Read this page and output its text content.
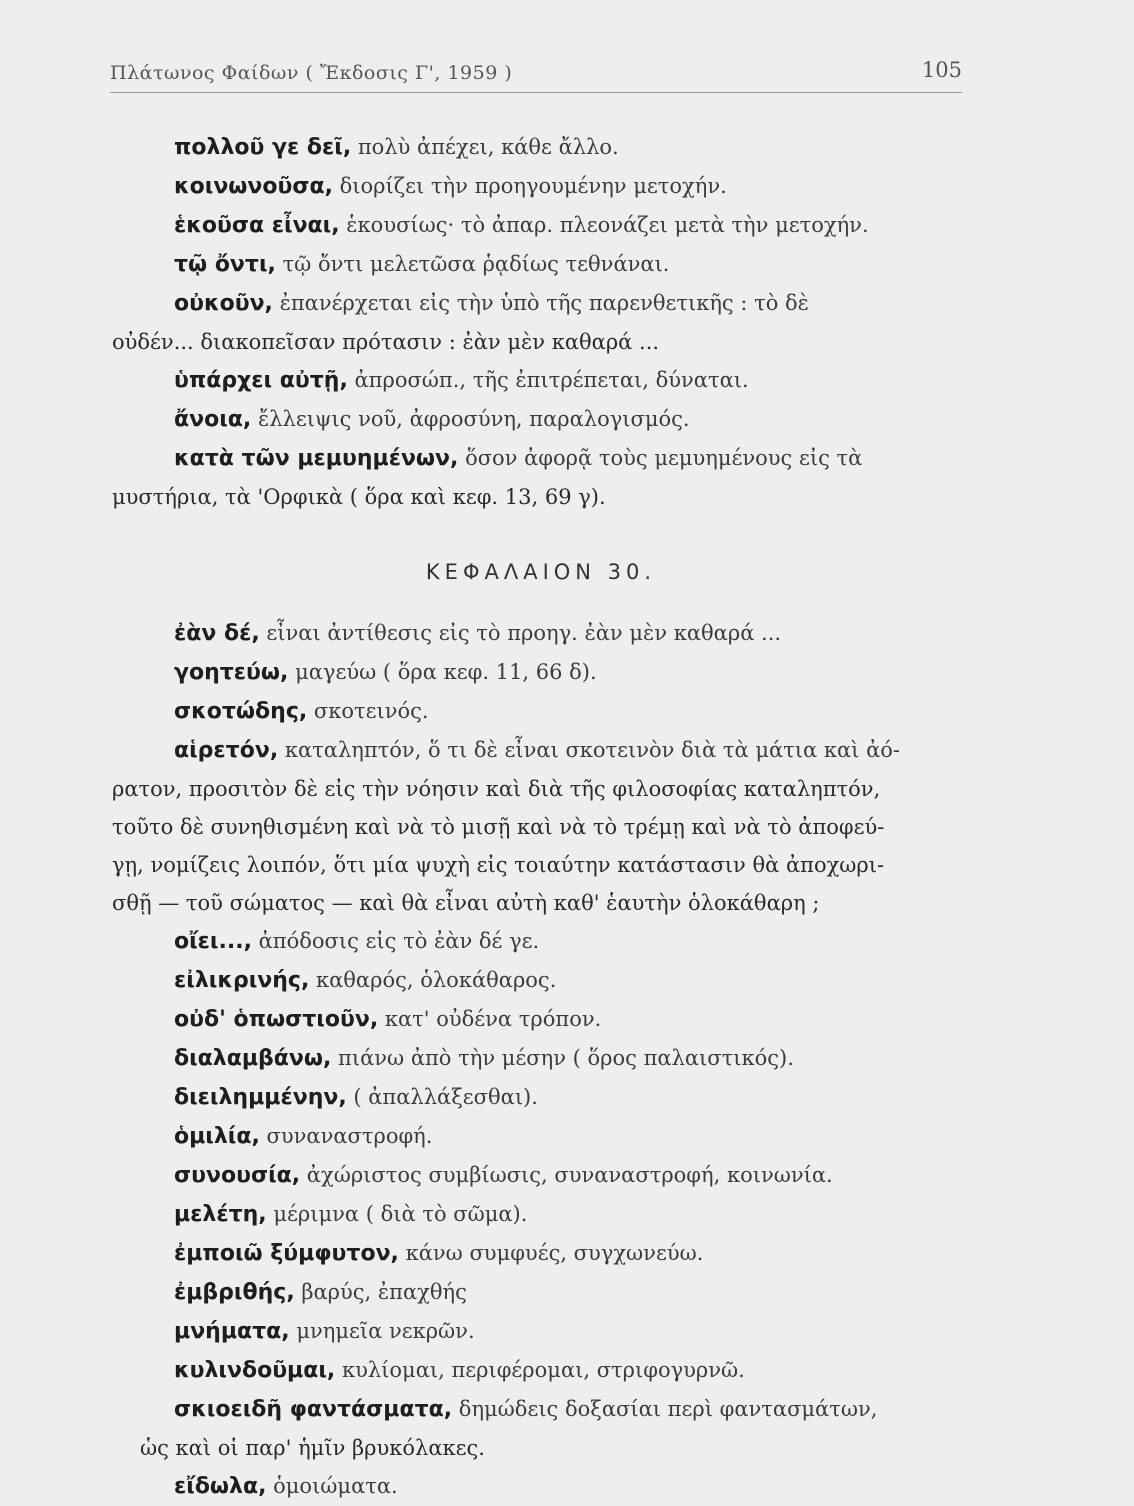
Πλάτωνος Φαίδων ( Ἔκδοσις Γ', 1959 )	105
πολλοῦ γε δεῖ, πολὺ ἀπέχει, κάθε ἄλλο.
κοινωνοῦσα, διορίζει τὴν προηγουμένην μετοχήν.
ἑκοῦσα εἶναι, ἑκουσίως· τὸ ἀπαρ. πλεονάζει μετὰ τὴν μετοχήν.
τῷ ὄντι, τῷ ὄντι μελετῶσα ῥᾳδίως τεθνάναι.
οὐκοῦν, ἐπανέρχεται εἰς τὴν ὑπὸ τῆς παρενθετικῆς : τὸ δὲ
οὐδέν... διακοπεῖσαν πρότασιν : ἐὰν μὲν καθαρά ...
ὑπάρχει αὐτῇ, ἀπροσώπ., τῆς ἐπιτρέπεται, δύναται.
ἄνοια, ἔλλειψις νοῦ, ἀφροσύνη, παραλογισμός.
κατὰ τῶν μεμυημένων, ὅσον ἀφορᾷ τοὺς μεμυημένους εἰς τὰ
μυστήρια, τὰ 'Ορφικὰ ( ὅρα καὶ κεφ. 13, 69 γ).
ΚΕΦΑΛΑΙΟΝ 30.
ἐὰν δέ, εἶναι ἀντίθεσις εἰς τὸ προηγ. ἐὰν μὲν καθαρά ...
γοητεύω, μαγεύω ( ὅρα κεφ. 11, 66 δ).
σκοτώδης, σκοτεινός.
αἱρετόν, καταληπτόν, ὅ τι δὲ εἶναι σκοτεινὸν διὰ τὰ μάτια καὶ ἀό-
ρατον, προσιτὸν δὲ εἰς τὴν νόησιν καὶ διὰ τῆς φιλοσοφίας καταληπτόν,
τοῦτο δὲ συνηθισμένη καὶ νὰ τὸ μισῇ καὶ νὰ τὸ τρέμῃ καὶ νὰ τὸ ἀποφεύ-
γῃ, νομίζεις λοιπόν, ὅτι μία ψυχὴ εἰς τοιαύτην κατάστασιν θὰ ἀποχωρι-
σθῇ — τοῦ σώματος — καὶ θὰ εἶναι αὐτὴ καθ' ἑαυτὴν ὁλοκάθαρη ;
οἴει..., ἀπόδοσις εἰς τὸ ἐὰν δέ γε.
εἰλικρινής, καθαρός, ὁλοκάθαρος.
οὐδ' ὁπωστιοῦν, κατ' οὐδένα τρόπον.
διαλαμβάνω, πιάνω ἀπὸ τὴν μέσην ( ὅρος παλαιστικός).
διειλημμένην, ( ἀπαλλάξεσθαι).
ὁμιλία, συναναστροφή.
συνουσία, ἀχώριστος συμβίωσις, συναναστροφή, κοινωνία.
μελέτη, μέριμνα ( διὰ τὸ σῶμα).
ἐμποιῶ ξύμφυτον, κάνω συμφυές, συγχωνεύω.
ἐμβριθής, βαρύς, ἐπαχθής
μνήματα, μνημεῖα νεκρῶν.
κυλινδοῦμαι, κυλίομαι, περιφέρομαι, στριφογυρνῶ.
σκιοειδῆ φαντάσματα, δημώδεις δοξασίαι περὶ φαντασμάτων,
ὡς καὶ οἱ παρ' ἡμῖν βρυκόλακες.
εἴδωλα, ὁμοιώματα.
